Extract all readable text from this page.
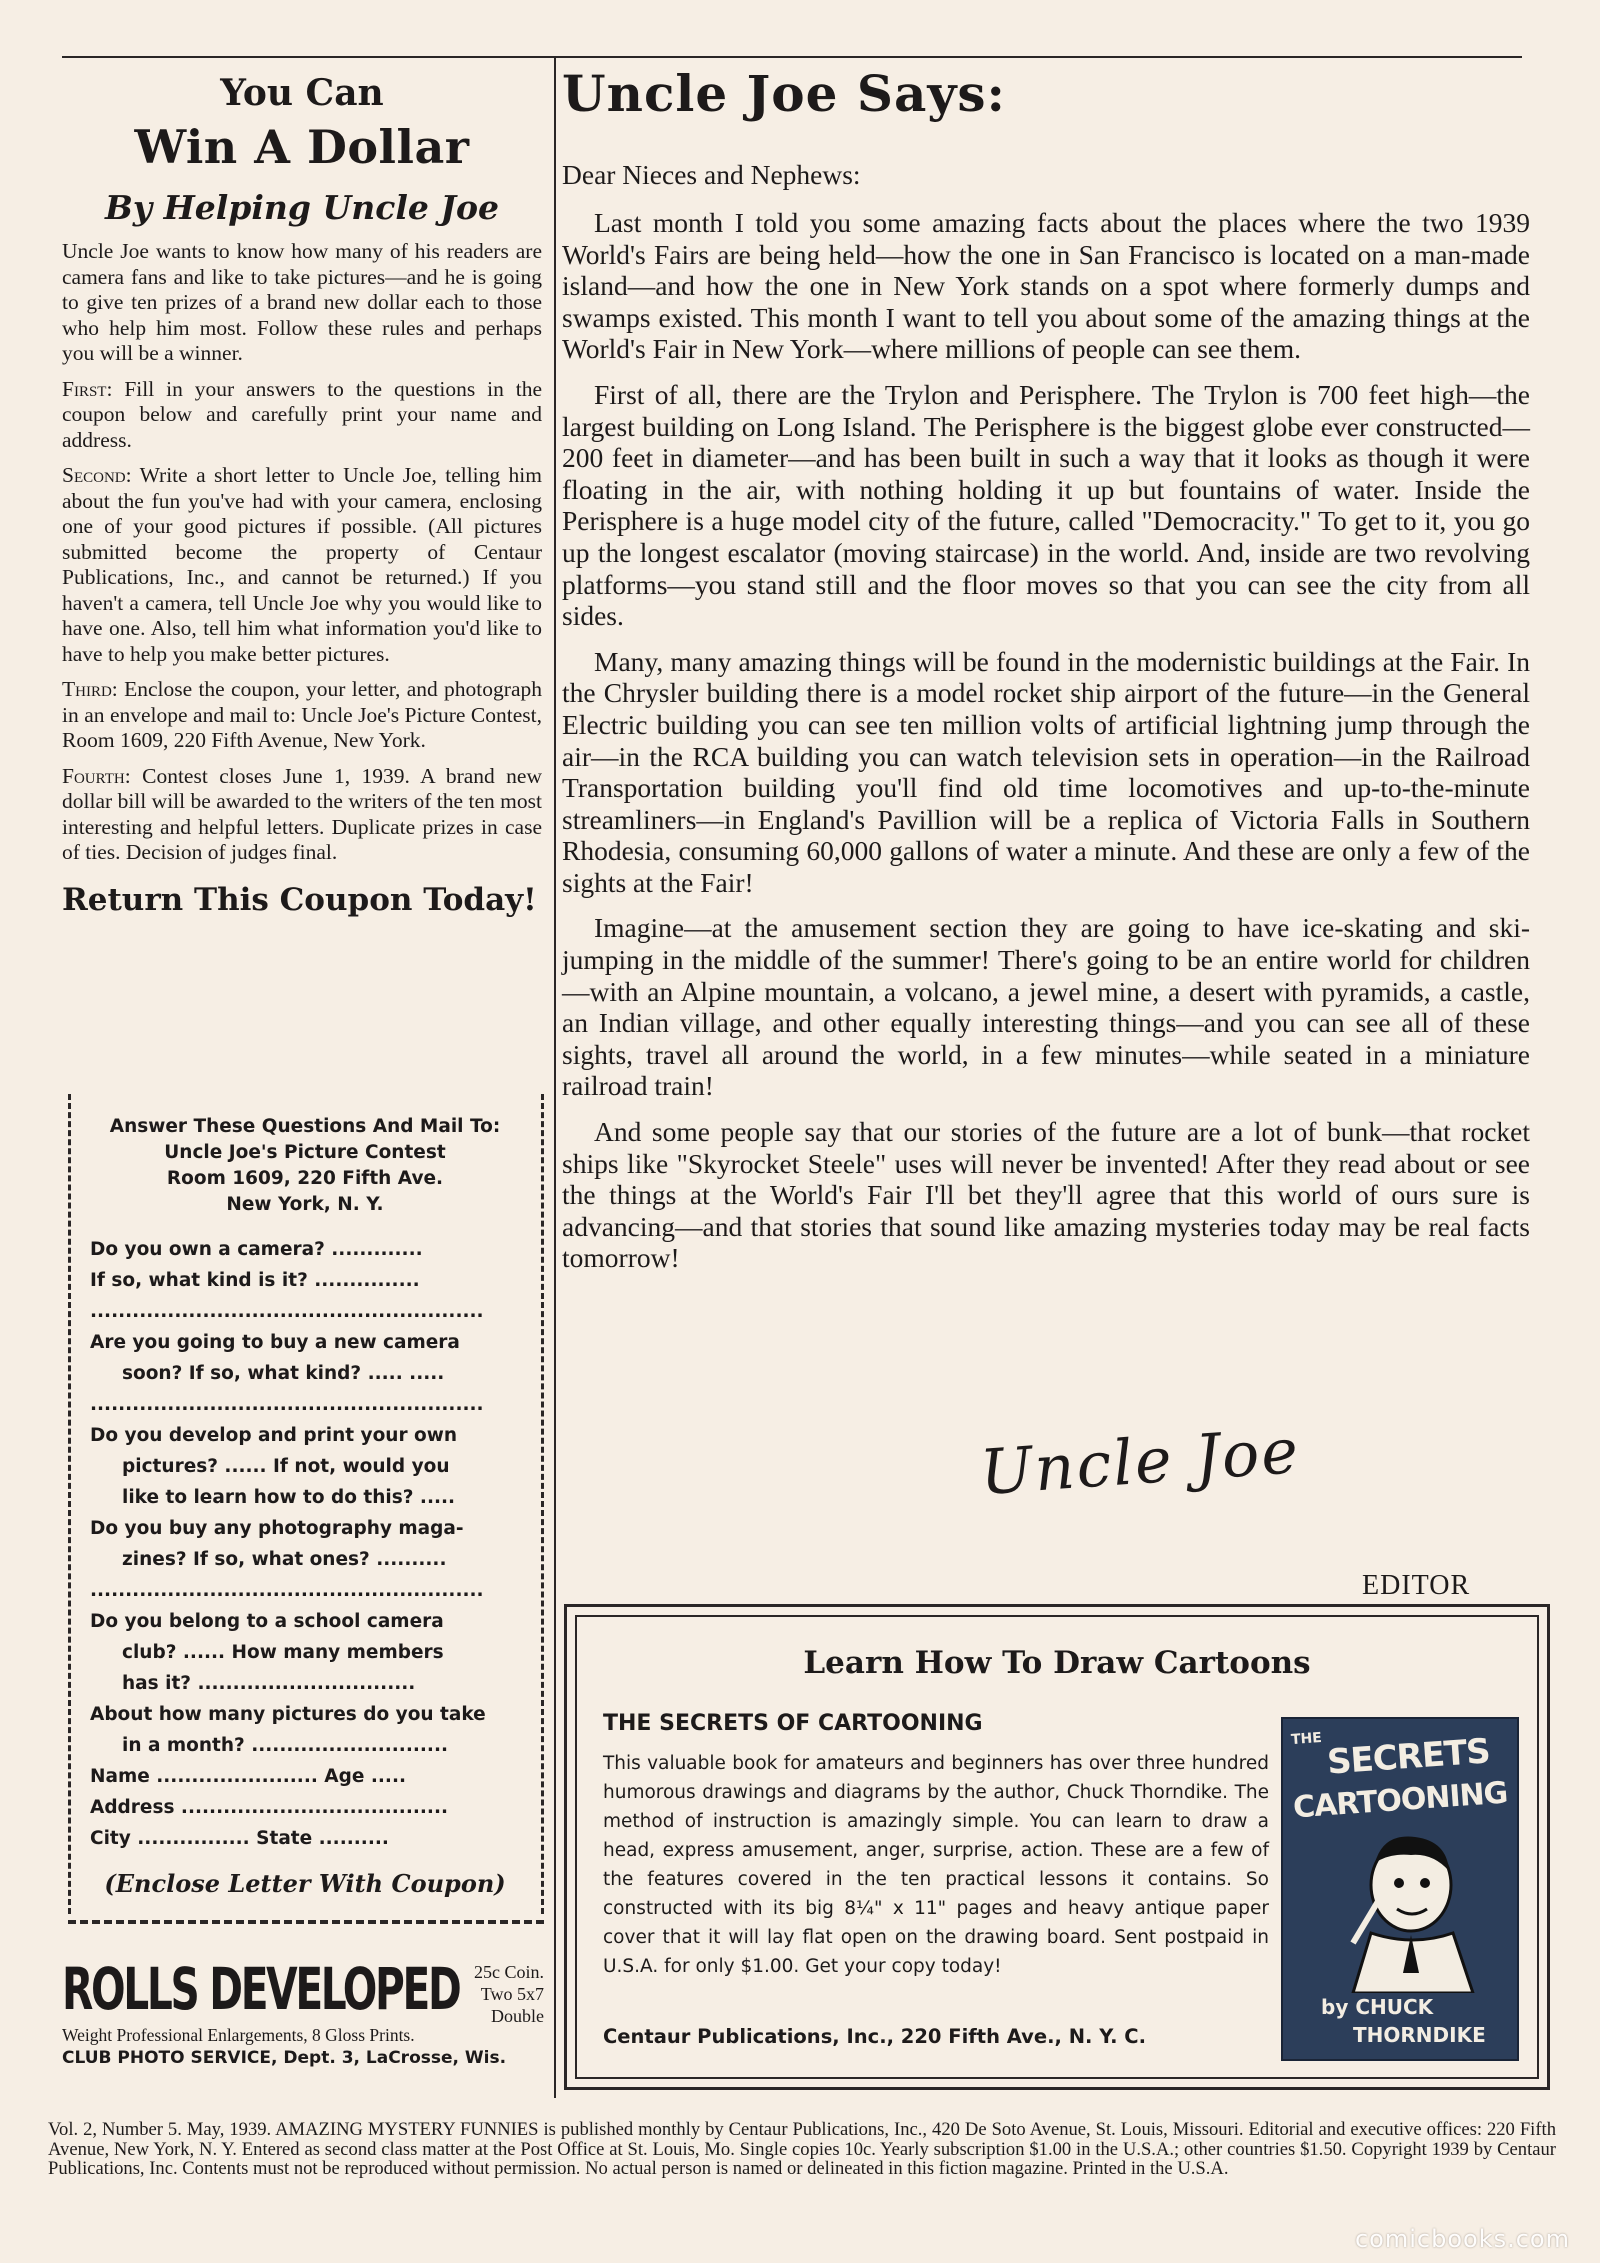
You Can
Win A Dollar
By Helping Uncle Joe

Uncle Joe wants to know how many of his readers are camera fans and like to take pictures—and he is going to give ten prizes of a brand new dollar each to those who help him most. Follow these rules and perhaps you will be a winner.

First: Fill in your answers to the questions in the coupon below and carefully print your name and address.

Second: Write a short letter to Uncle Joe, telling him about the fun you've had with your camera, enclosing one of your good pictures if possible. (All pictures submitted become the property of Centaur Publications, Inc., and cannot be returned.) If you haven't a camera, tell Uncle Joe why you would like to have one. Also, tell him what information you'd like to have to help you make better pictures.

Third: Enclose the coupon, your letter, and photograph in an envelope and mail to: Uncle Joe's Picture Contest, Room 1609, 220 Fifth Avenue, New York.

Fourth: Contest closes June 1, 1939. A brand new dollar bill will be awarded to the writers of the ten most interesting and helpful letters. Duplicate prizes in case of ties. Decision of judges final.

Return This Coupon Today!
Answer These Questions And Mail To:
Uncle Joe's Picture Contest
Room 1609, 220 Fifth Ave.
New York, N. Y.
Do you own a camera? .............
If so, what kind is it? ...............
........................................................
Are you going to buy a new camera
soon? If so, what kind? ..... .....
........................................................
Do you develop and print your own
pictures? ...... If not, would you
like to learn how to do this? .....
Do you buy any photography maga-
zines? If so, what ones? ..........
........................................................
Do you belong to a school camera
club? ...... How many members
has it? ...............................
About how many pictures do you take
in a month? ............................
Name ....................... Age .....
Address ......................................
City ................ State ..........
(Enclose Letter With Coupon)
ROLLS DEVELOPED 25c Coin. Two 5x7 Double
Weight Professional Enlargements, 8 Gloss Prints.
CLUB PHOTO SERVICE, Dept. 3, LaCrosse, Wis.
Uncle Joe Says:
Dear Nieces and Nephews:

Last month I told you some amazing facts about the places where the two 1939 World's Fairs are being held—how the one in San Francisco is located on a man-made island—and how the one in New York stands on a spot where formerly dumps and swamps existed. This month I want to tell you about some of the amazing things at the World's Fair in New York—where millions of people can see them.

First of all, there are the Trylon and Perisphere. The Trylon is 700 feet high—the largest building on Long Island. The Perisphere is the biggest globe ever constructed—200 feet in diameter—and has been built in such a way that it looks as though it were floating in the air, with nothing holding it up but fountains of water. Inside the Perisphere is a huge model city of the future, called "Democracity." To get to it, you go up the longest escalator (moving staircase) in the world. And, inside are two revolving platforms—you stand still and the floor moves so that you can see the city from all sides.

Many, many amazing things will be found in the modernistic buildings at the Fair. In the Chrysler building there is a model rocket ship airport of the future—in the General Electric building you can see ten million volts of artificial lightning jump through the air—in the RCA building you can watch television sets in operation—in the Railroad Transportation building you'll find old time locomotives and up-to-the-minute streamliners—in England's Pavillion will be a replica of Victoria Falls in Southern Rhodesia, consuming 60,000 gallons of water a minute. And these are only a few of the sights at the Fair!

Imagine—at the amusement section they are going to have ice-skating and ski-jumping in the middle of the summer! There's going to be an entire world for children—with an Alpine mountain, a volcano, a jewel mine, a desert with pyramids, a castle, an Indian village, and other equally interesting things—and you can see all of these sights, travel all around the world, in a few minutes—while seated in a miniature railroad train!

And some people say that our stories of the future are a lot of bunk—that rocket ships like "Skyrocket Steele" uses will never be invented! After they read about or see the things at the World's Fair I'll bet they'll agree that this world of ours sure is advancing—and that stories that sound like amazing mysteries today may be real facts tomorrow!

Uncle Joe
EDITOR
Learn How To Draw Cartoons
THE SECRETS OF CARTOONING
This valuable book for amateurs and beginners has over three hundred humorous drawings and diagrams by the author, Chuck Thorndike. The method of instruction is amazingly simple. You can learn to draw a head, express amusement, anger, surprise, action. These are a few of the features covered in the ten practical lessons it contains. So constructed with its big 8¼" x 11" pages and heavy antique paper cover that it will lay flat open on the drawing board. Sent postpaid in U.S.A. for only $1.00. Get your copy today!
Centaur Publications, Inc., 220 Fifth Ave., N. Y. C.
THE SECRETS
CARTOONING
by CHUCK
THORNDIKE
Vol. 2, Number 5. May, 1939. AMAZING MYSTERY FUNNIES is published monthly by Centaur Publications, Inc., 420 De Soto Avenue, St. Louis, Missouri. Editorial and executive offices: 220 Fifth Avenue, New York, N. Y. Entered as second class matter at the Post Office at St. Louis, Mo. Single copies 10c. Yearly subscription $1.00 in the U.S.A.; other countries $1.50. Copyright 1939 by Centaur Publications, Inc. Contents must not be reproduced without permission. No actual person is named or delineated in this fiction magazine. Printed in the U.S.A.
comicbooks.com
